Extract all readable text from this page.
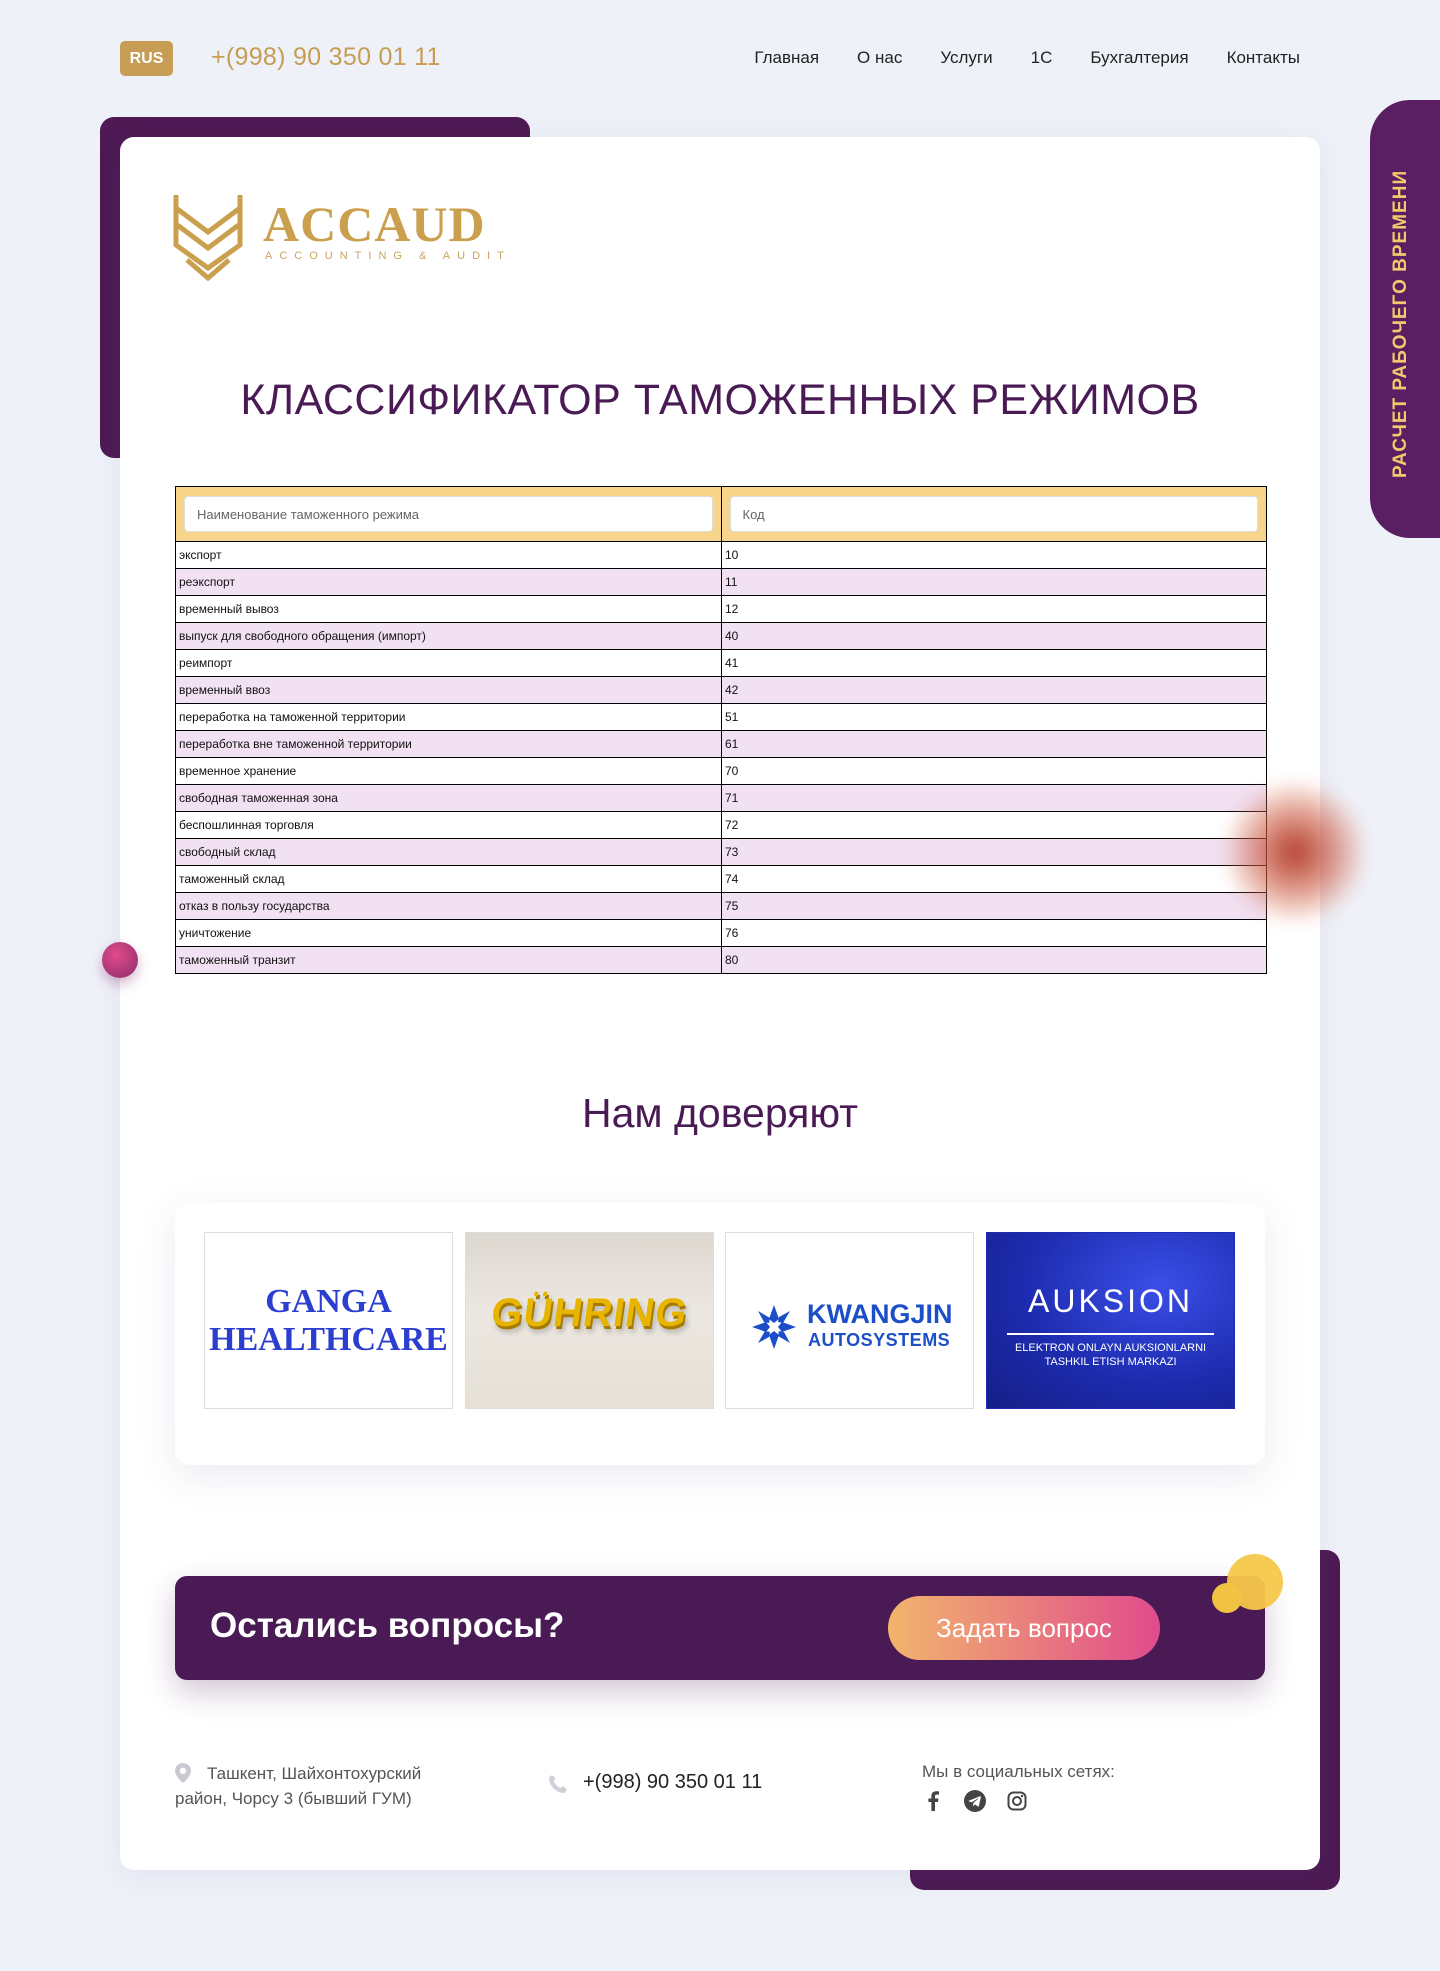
RUS	+(998) 90 350 01 11	Главная О нас Услуги 1С Бухгалтерия Контакты
РАСЧЕТ РАБОЧЕГО ВРЕМЕНИ
ACCAUD
ACCOUNTING & AUDIT
КЛАССИФИКАТОР ТАМОЖЕННЫХ РЕЖИМОВ
Наименование таможенного режима	Код
экспорт	10
реэкспорт	11
временный вывоз	12
выпуск для свободного обращения (импорт)	40
реимпорт	41
временный ввоз	42
переработка на таможенной территории	51
переработка вне таможенной территории	61
временное хранение	70
свободная таможенная зона	71
беспошлинная торговля	72
свободный склад	73
таможенный склад	74
отказ в пользу государства	75
уничтожение	76
таможенный транзит	80
Нам доверяют
GANGA
HEALTHCARE
GÜHRING	KWANGJIN
AUTOSYSTEMS
AUKSION
ELEKTRON ONLAYN AUKSIONLARNI
TASHKIL ETISH MARKAZI
Остались вопросы?	Задать вопрос
Ташкент, Шайхонтохурский
район, Чорсу 3 (бывший ГУМ)
+(998) 90 350 01 11	Мы в социальных сетях:
